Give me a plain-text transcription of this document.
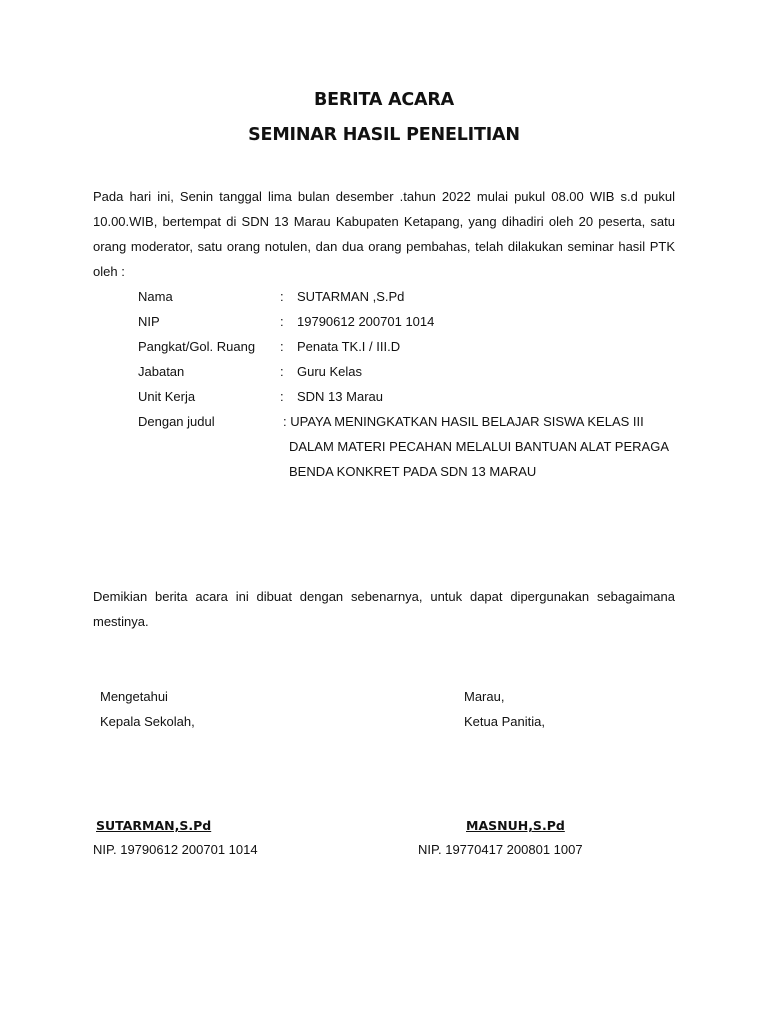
BERITA ACARA
SEMINAR HASIL PENELITIAN
Pada hari ini, Senin tanggal lima bulan desember .tahun 2022 mulai pukul 08.00 WIB s.d pukul
10.00.WIB, bertempat di SDN 13 Marau Kabupaten Ketapang, yang dihadiri oleh 20 peserta, satu
orang moderator, satu orang notulen, dan dua orang pembahas, telah dilakukan seminar hasil PTK
oleh :
Nama	: SUTARMAN ,S.Pd
NIP	: 19790612 200701 1014
Pangkat/Gol. Ruang : Penata TK.I / III.D
Jabatan	: Guru Kelas
Unit Kerja	: SDN 13 Marau
Dengan judul	: UPAYA MENINGKATKAN HASIL BELAJAR SISWA KELAS III
DALAM MATERI PECAHAN MELALUI BANTUAN ALAT PERAGA
BENDA KONKRET PADA SDN 13 MARAU
Demikian berita acara ini dibuat dengan sebenarnya, untuk dapat dipergunakan sebagaimana
mestinya.
Mengetahui
Kepala Sekolah,
SUTARMAN,S.Pd
NIP. 19790612 200701 1014
Marau,
Ketua Panitia,
MASNUH,S.Pd
NIP. 19770417 200801 1007
